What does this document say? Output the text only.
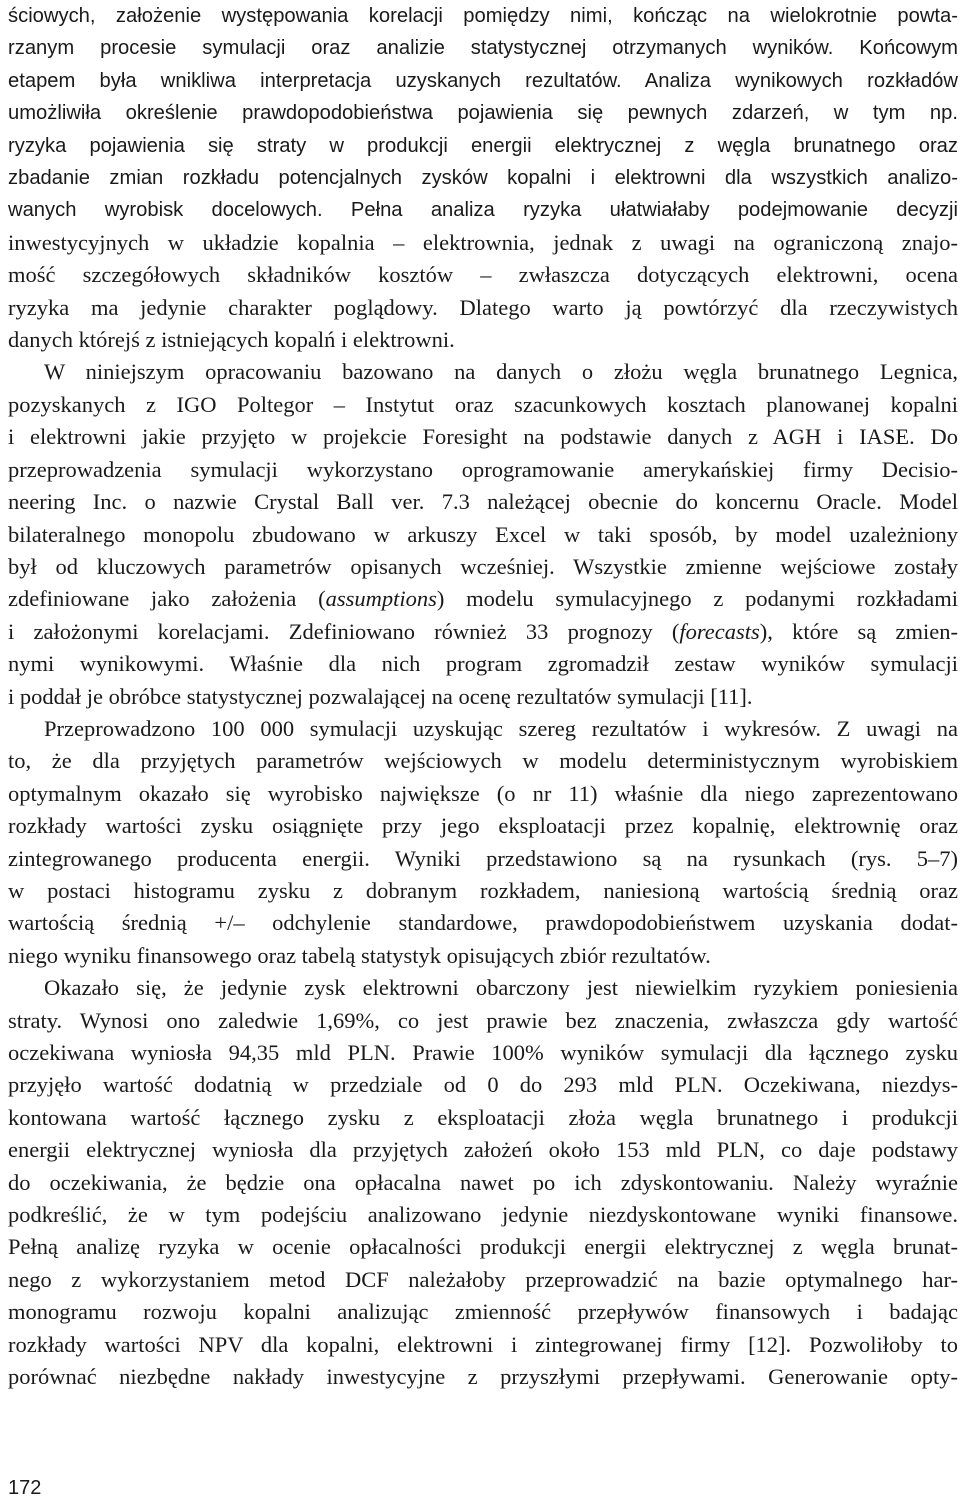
ściowych, założenie występowania korelacji pomiędzy nimi, kończąc na wielokrotnie powta-
rzanym procesie symulacji oraz analizie statystycznej otrzymanych wyników. Końcowym
etapem była wnikliwa interpretacja uzyskanych rezultatów. Analiza wynikowych rozkładów
umożliwiła określenie prawdopodobieństwa pojawienia się pewnych zdarzeń, w tym np.
ryzyka pojawienia się straty w produkcji energii elektrycznej z węgla brunatnego oraz
zbadanie zmian rozkładu potencjalnych zysków kopalni i elektrowni dla wszystkich analizo-
wanych wyrobisk docelowych. Pełna analiza ryzyka ułatwiałaby podejmowanie decyzji
inwestycyjnych w układzie kopalnia – elektrownia, jednak z uwagi na ograniczoną znajo-
mość szczegółowych składników kosztów – zwłaszcza dotyczących elektrowni, ocena
ryzyka ma jedynie charakter poglądowy. Dlatego warto ją powtórzyć dla rzeczywistych
danych którejś z istniejących kopalń i elektrowni.
W niniejszym opracowaniu bazowano na danych o złożu węgla brunatnego Legnica,
pozyskanych z IGO Poltegor – Instytut oraz szacunkowych kosztach planowanej kopalni
i elektrowni jakie przyjęto w projekcie Foresight na podstawie danych z AGH i IASE. Do
przeprowadzenia symulacji wykorzystano oprogramowanie amerykańskiej firmy Decisio-
neering Inc. o nazwie Crystal Ball ver. 7.3 należącej obecnie do koncernu Oracle. Model
bilateralnego monopolu zbudowano w arkuszy Excel w taki sposób, by model uzależniony
był od kluczowych parametrów opisanych wcześniej. Wszystkie zmienne wejściowe zostały
zdefiniowane jako założenia (assumptions) modelu symulacyjnego z podanymi rozkładami
i założonymi korelacjami. Zdefiniowano również 33 prognozy (forecasts), które są zmien-
nymi wynikowymi. Właśnie dla nich program zgromadził zestaw wyników symulacji
i poddał je obróbce statystycznej pozwalającej na ocenę rezultatów symulacji [11].
Przeprowadzono 100 000 symulacji uzyskując szereg rezultatów i wykresów. Z uwagi na
to, że dla przyjętych parametrów wejściowych w modelu deterministycznym wyrobiskiem
optymalnym okazało się wyrobisko największe (o nr 11) właśnie dla niego zaprezentowano
rozkłady wartości zysku osiągnięte przy jego eksploatacji przez kopalnię, elektrownię oraz
zintegrowanego producenta energii. Wyniki przedstawiono są na rysunkach (rys. 5–7)
w postaci histogramu zysku z dobranym rozkładem, naniesioną wartością średnią oraz
wartością średnią +/– odchylenie standardowe, prawdopodobieństwem uzyskania dodat-
niego wyniku finansowego oraz tabelą statystyk opisujących zbiór rezultatów.
Okazało się, że jedynie zysk elektrowni obarczony jest niewielkim ryzykiem poniesienia
straty. Wynosi ono zaledwie 1,69%, co jest prawie bez znaczenia, zwłaszcza gdy wartość
oczekiwana wyniosła 94,35 mld PLN. Prawie 100% wyników symulacji dla łącznego zysku
przyjęło wartość dodatnią w przedziale od 0 do 293 mld PLN. Oczekiwana, niezdys-
kontowana wartość łącznego zysku z eksploatacji złoża węgla brunatnego i produkcji
energii elektrycznej wyniosła dla przyjętych założeń około 153 mld PLN, co daje podstawy
do oczekiwania, że będzie ona opłacalna nawet po ich zdyskontowaniu. Należy wyraźnie
podkreślić, że w tym podejściu analizowano jedynie niezdyskontowane wyniki finansowe.
Pełną analizę ryzyka w ocenie opłacalności produkcji energii elektrycznej z węgla brunat-
nego z wykorzystaniem metod DCF należałoby przeprowadzić na bazie optymalnego har-
monogramu rozwoju kopalni analizując zmienność przepływów finansowych i badając
rozkłady wartości NPV dla kopalni, elektrowni i zintegrowanej firmy [12]. Pozwoliłoby to
porównać niezbędne nakłady inwestycyjne z przyszłymi przepływami. Generowanie opty-
172
